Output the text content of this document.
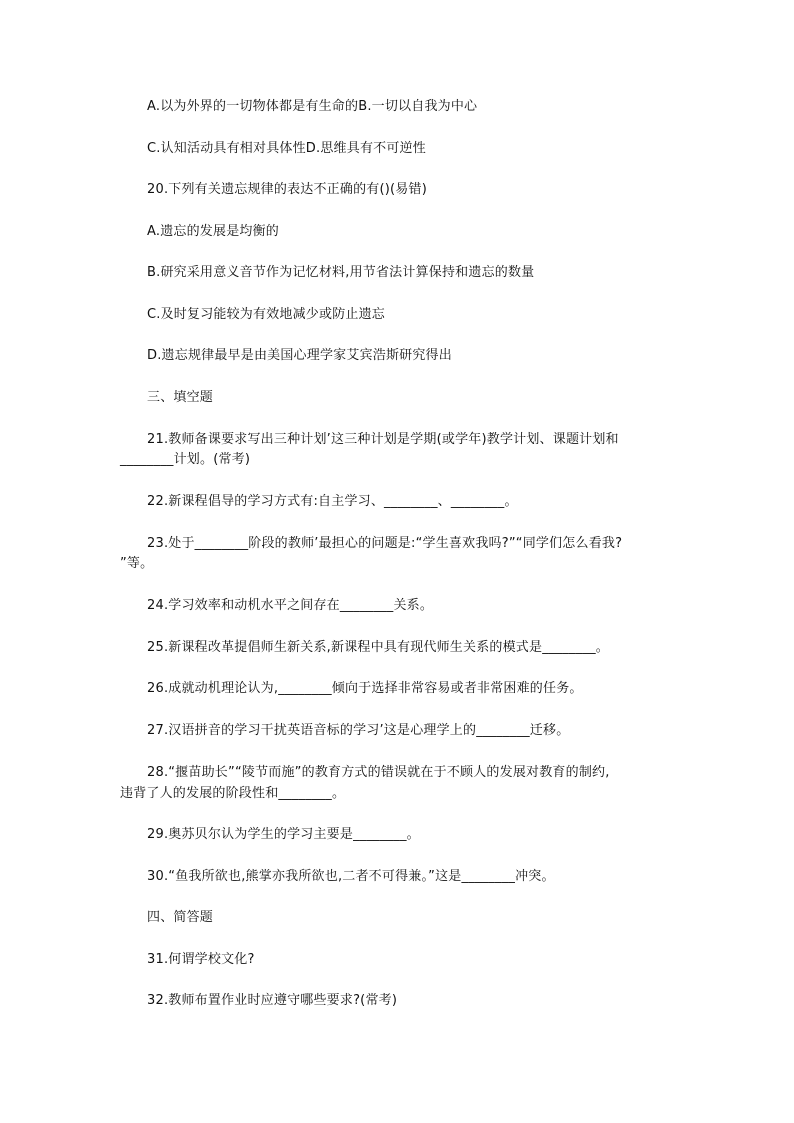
A.以为外界的一切物体都是有生命的B.一切以自我为中心
C.认知活动具有相对具体性D.思维具有不可逆性
20.下列有关遗忘规律的表达不正确的有()(易错)
A.遗忘的发展是均衡的
B.研究采用意义音节作为记忆材料,用节省法计算保持和遗忘的数量
C.及时复习能较为有效地减少或防止遗忘
D.遗忘规律最早是由美国心理学家艾宾浩斯研究得出
三、填空题
21.教师备课要求写出三种计划’这三种计划是学期(或学年)教学计划、课题计划和
________计划。(常考)
22.新课程倡导的学习方式有:自主学习、________、________。
23.处于________阶段的教师’最担心的问题是:“学生喜欢我吗?”“同学们怎么看我?
”等。
24.学习效率和动机水平之间存在________关系。
25.新课程改革提倡师生新关系,新课程中具有现代师生关系的模式是________。
26.成就动机理论认为,________倾向于选择非常容易或者非常困难的任务。
27.汉语拼音的学习干扰英语音标的学习’这是心理学上的________迁移。
28.“揠苗助长”“陵节而施”的教育方式的错误就在于不顾人的发展对教育的制约,
违背了人的发展的阶段性和________。
29.奥苏贝尔认为学生的学习主要是________。
30.“鱼我所欲也,熊掌亦我所欲也,二者不可得兼。”这是________冲突。
四、简答题
31.何谓学校文化?
32.教师布置作业时应遵守哪些要求?(常考)
